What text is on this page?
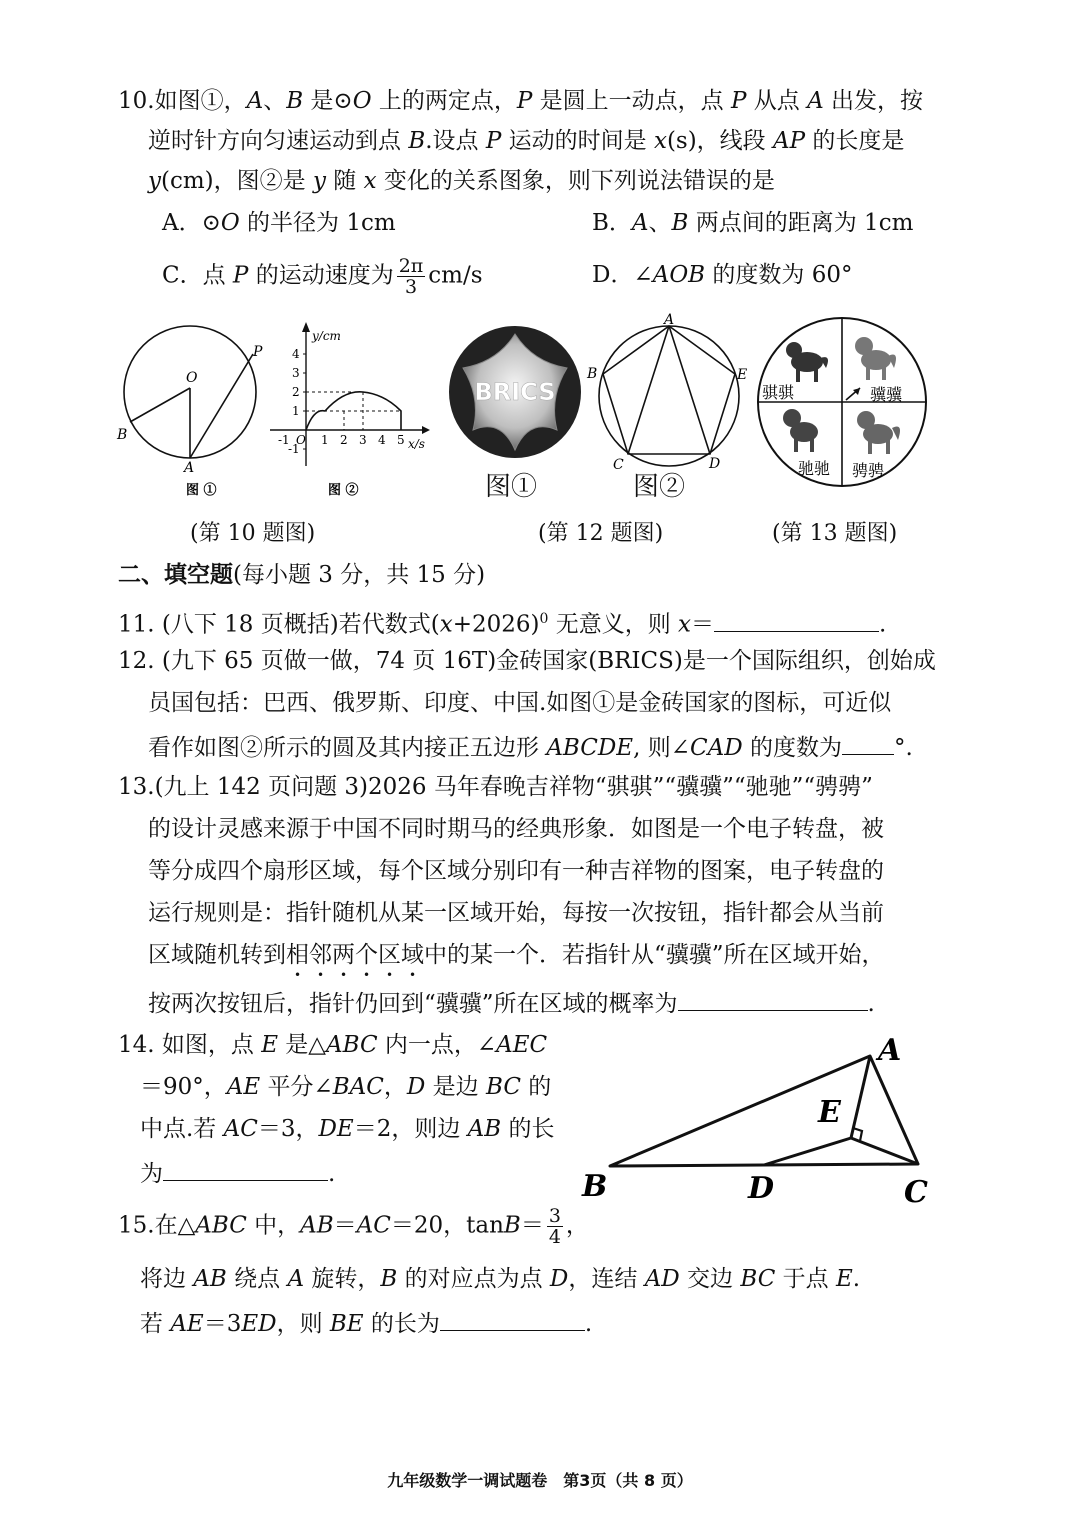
10.如图①，A、B 是⊙O 上的两定点，P 是圆上一动点，点 P 从点 A 出发，按
逆时针方向匀速运动到点 B.设点 P 运动的时间是 x(s)，线段 AP 的长度是
y(cm)，图②是 y 随 x 变化的关系图象，则下列说法错误的是
A．⊙O 的半径为 1cm	B．A、B 两点间的距离为 1cm
C．点 P 的运动速度为 $\frac{2\pi}{3} cm/s$	D．∠AOB 的度数为 60°
O
P
B
A
图 ①
y/cm
x/s
4
3
2
1
-1
-1 O 1 2 3 4 5
图 ②
BRICS
图①
A
B
C	D
E
图②
骐骐	骥骥
驰驰 骋骋
(第 10 题图)	(第 12 题图)	(第 13 题图)
二、填空题(每小题 3 分，共 15 分)
11. (八下 18 页概括)若代数式$(x+2026)^0$ 无意义，则 x＝	.
12. (九下 65 页做一做，74 页 16T)金砖国家(BRICS)是一个国际组织，创始成
员国包括：巴西、俄罗斯、印度、中国.如图①是金砖国家的图标，可近似
看作如图②所示的圆及其内接正五边形 ABCDE, 则∠CAD 的度数为 °.
13.(九上 142 页问题 3)2026 马年春晚吉祥物“骐骐”“骥骥”“驰驰”“骋骋”
的设计灵感来源于中国不同时期马的经典形象．如图是一个电子转盘，被
等分成四个扇形区域，每个区域分别印有一种吉祥物的图案，电子转盘的
运行规则是：指针随机从某一区域开始，每按一次按钮，指针都会从当前
区域随机转到相邻两个区域中的某一个．若指针从“骥骥”所在区域开始，
按两次按钮后，指针仍回到“骥骥”所在区域的概率为	.
14. 如图，点 E 是△ABC 内一点，∠AEC
＝90°，AE 平分∠BAC，D 是边 BC 的
中点.若 AC＝3，DE＝2，则边 AB 的长
为	.
A
E
B	D	C
15.在△ABC 中，AB＝AC＝20，$\tan B= \frac{3}{4}$ ，
将边 AB 绕点 A 旋转，B 的对应点为点 D，连结 AD 交边 BC 于点 E.
若 AE＝3ED，则 BE 的长为	.
九年级数学一调试题卷　第3页（共 8 页）
